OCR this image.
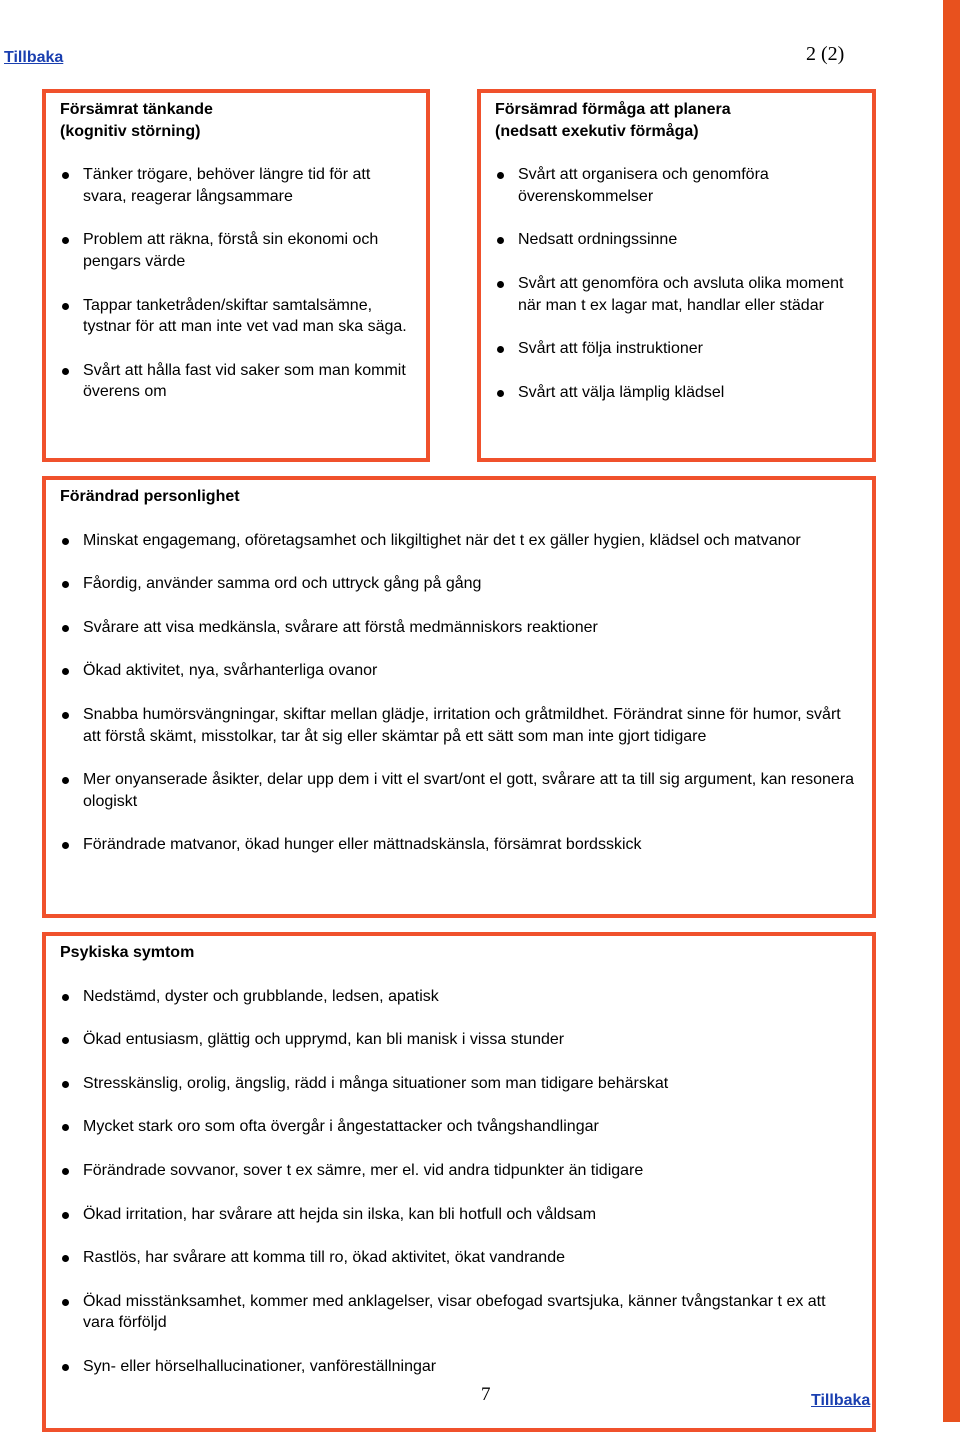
Tillbaka	2 (2)
Försämrat tänkande
(kognitiv störning)
Tänker trögare, behöver längre tid för att svara, reagerar långsammare
Problem att räkna, förstå sin ekonomi och pengars värde
Tappar tanketråden/skiftar samtalsämne, tystnar för att man inte vet vad man ska säga.
Svårt att hålla fast vid saker som man kommit överens om
Försämrad förmåga att planera
(nedsatt exekutiv förmåga)
Svårt att organisera och genomföra överenskommelser
Nedsatt ordningssinne
Svårt att genomföra och avsluta olika moment när man t ex lagar mat, handlar eller städar
Svårt att följa instruktioner
Svårt att välja lämplig klädsel
Förändrad personlighet
Minskat engagemang, oföretagsamhet och likgiltighet när det t ex gäller hygien, klädsel och matvanor
Fåordig, använder samma ord och uttryck gång på gång
Svårare att visa medkänsla, svårare att förstå medmänniskors reaktioner
Ökad aktivitet, nya, svårhanterliga ovanor
Snabba humörsvängningar, skiftar mellan glädje, irritation och gråtmildhet. Förändrat sinne för humor, svårt att förstå skämt, misstolkar, tar åt sig eller skämtar på ett sätt som man inte gjort tidigare
Mer onyanserade åsikter, delar upp dem i vitt el svart/ont el gott, svårare att ta till sig argument, kan resonera ologiskt
Förändrade matvanor, ökad hunger eller mättnadskänsla, försämrat bordsskick
Psykiska symtom
Nedstämd, dyster och grubblande, ledsen, apatisk
Ökad entusiasm, glättig och upprymd, kan bli manisk i vissa stunder
Stresskänslig, orolig, ängslig, rädd i många situationer som man tidigare behärskat
Mycket stark oro som ofta övergår i ångestattacker och tvångshandlingar
Förändrade sovvanor, sover t ex sämre, mer el. vid andra tidpunkter än tidigare
Ökad irritation, har svårare att hejda sin ilska, kan bli hotfull och våldsam
Rastlös, har svårare att komma till ro, ökad aktivitet, ökat vandrande
Ökad misstänksamhet, kommer med anklagelser, visar obefogad svartsjuka, känner tvångstankar t ex att vara förföljd
Syn- eller hörselhallucinationer, vanföreställningar
7	Tillbaka
